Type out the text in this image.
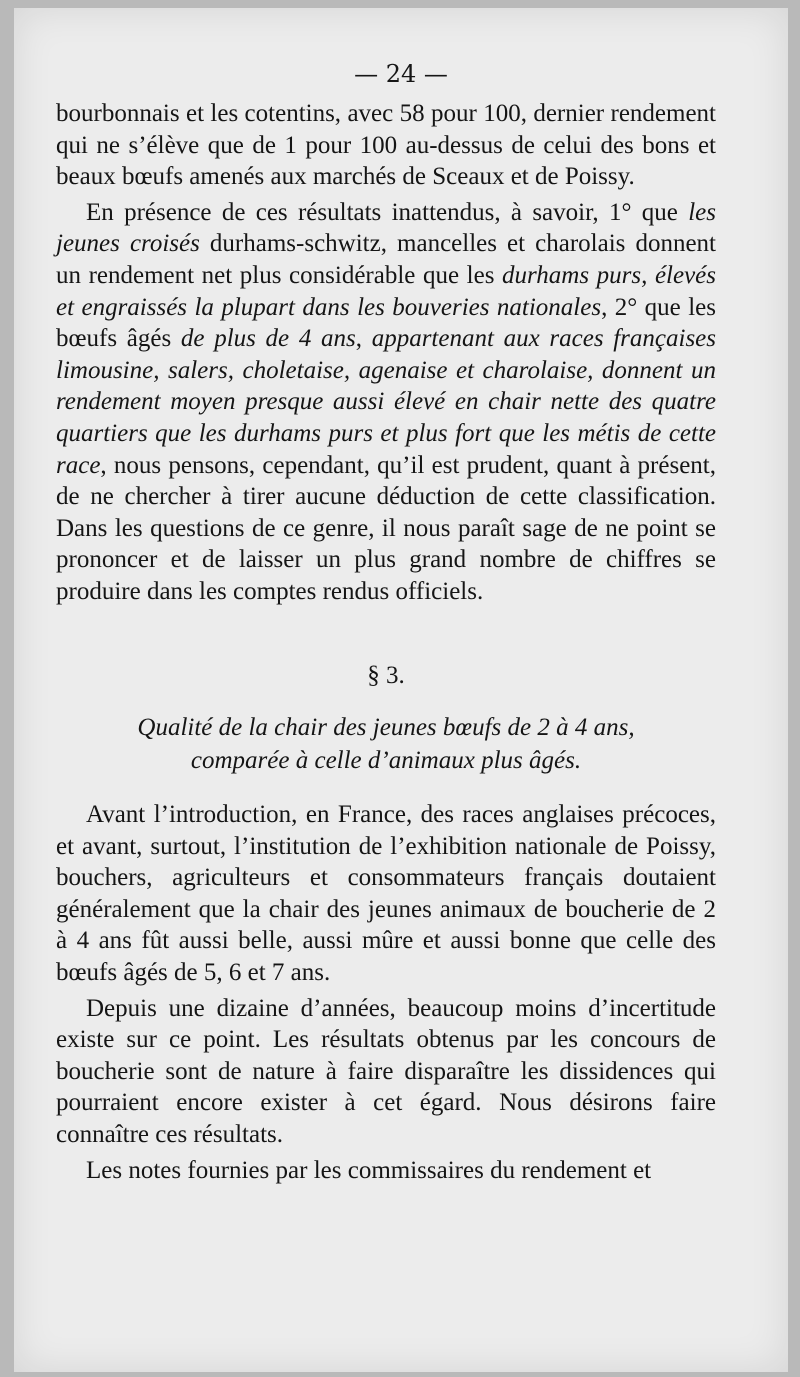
— 24 —

bourbonnais et les cotentins, avec 58 pour 100, dernier rendement qui ne s’élève que de 1 pour 100 au-dessus de celui des bons et beaux bœufs amenés aux marchés de Sceaux et de Poissy.

En présence de ces résultats inattendus, à savoir, 1° que les jeunes croisés durhams-schwitz, mancelles et charolais donnent un rendement net plus considérable que les durhams purs, élevés et engraissés la plupart dans les bouveries nationales, 2° que les bœufs âgés de plus de 4 ans, appartenant aux races françaises limousine, salers, choletaise, agenaise et charolaise, donnent un rendement moyen presque aussi élevé en chair nette des quatre quartiers que les durhams purs et plus fort que les métis de cette race, nous pensons, cependant, qu’il est prudent, quant à présent, de ne chercher à tirer aucune déduction de cette classification. Dans les questions de ce genre, il nous paraît sage de ne point se prononcer et de laisser un plus grand nombre de chiffres se produire dans les comptes rendus officiels.

§ 3.
Qualité de la chair des jeunes bœufs de 2 à 4 ans,
comparée à celle d’animaux plus âgés.

Avant l’introduction, en France, des races anglaises précoces, et avant, surtout, l’institution de l’exhibition nationale de Poissy, bouchers, agriculteurs et consommateurs français doutaient généralement que la chair des jeunes animaux de boucherie de 2 à 4 ans fût aussi belle, aussi mûre et aussi bonne que celle des bœufs âgés de 5, 6 et 7 ans.

Depuis une dizaine d’années, beaucoup moins d’incertitude existe sur ce point. Les résultats obtenus par les concours de boucherie sont de nature à faire disparaître les dissidences qui pourraient encore exister à cet égard. Nous désirons faire connaître ces résultats.

Les notes fournies par les commissaires du rendement et
